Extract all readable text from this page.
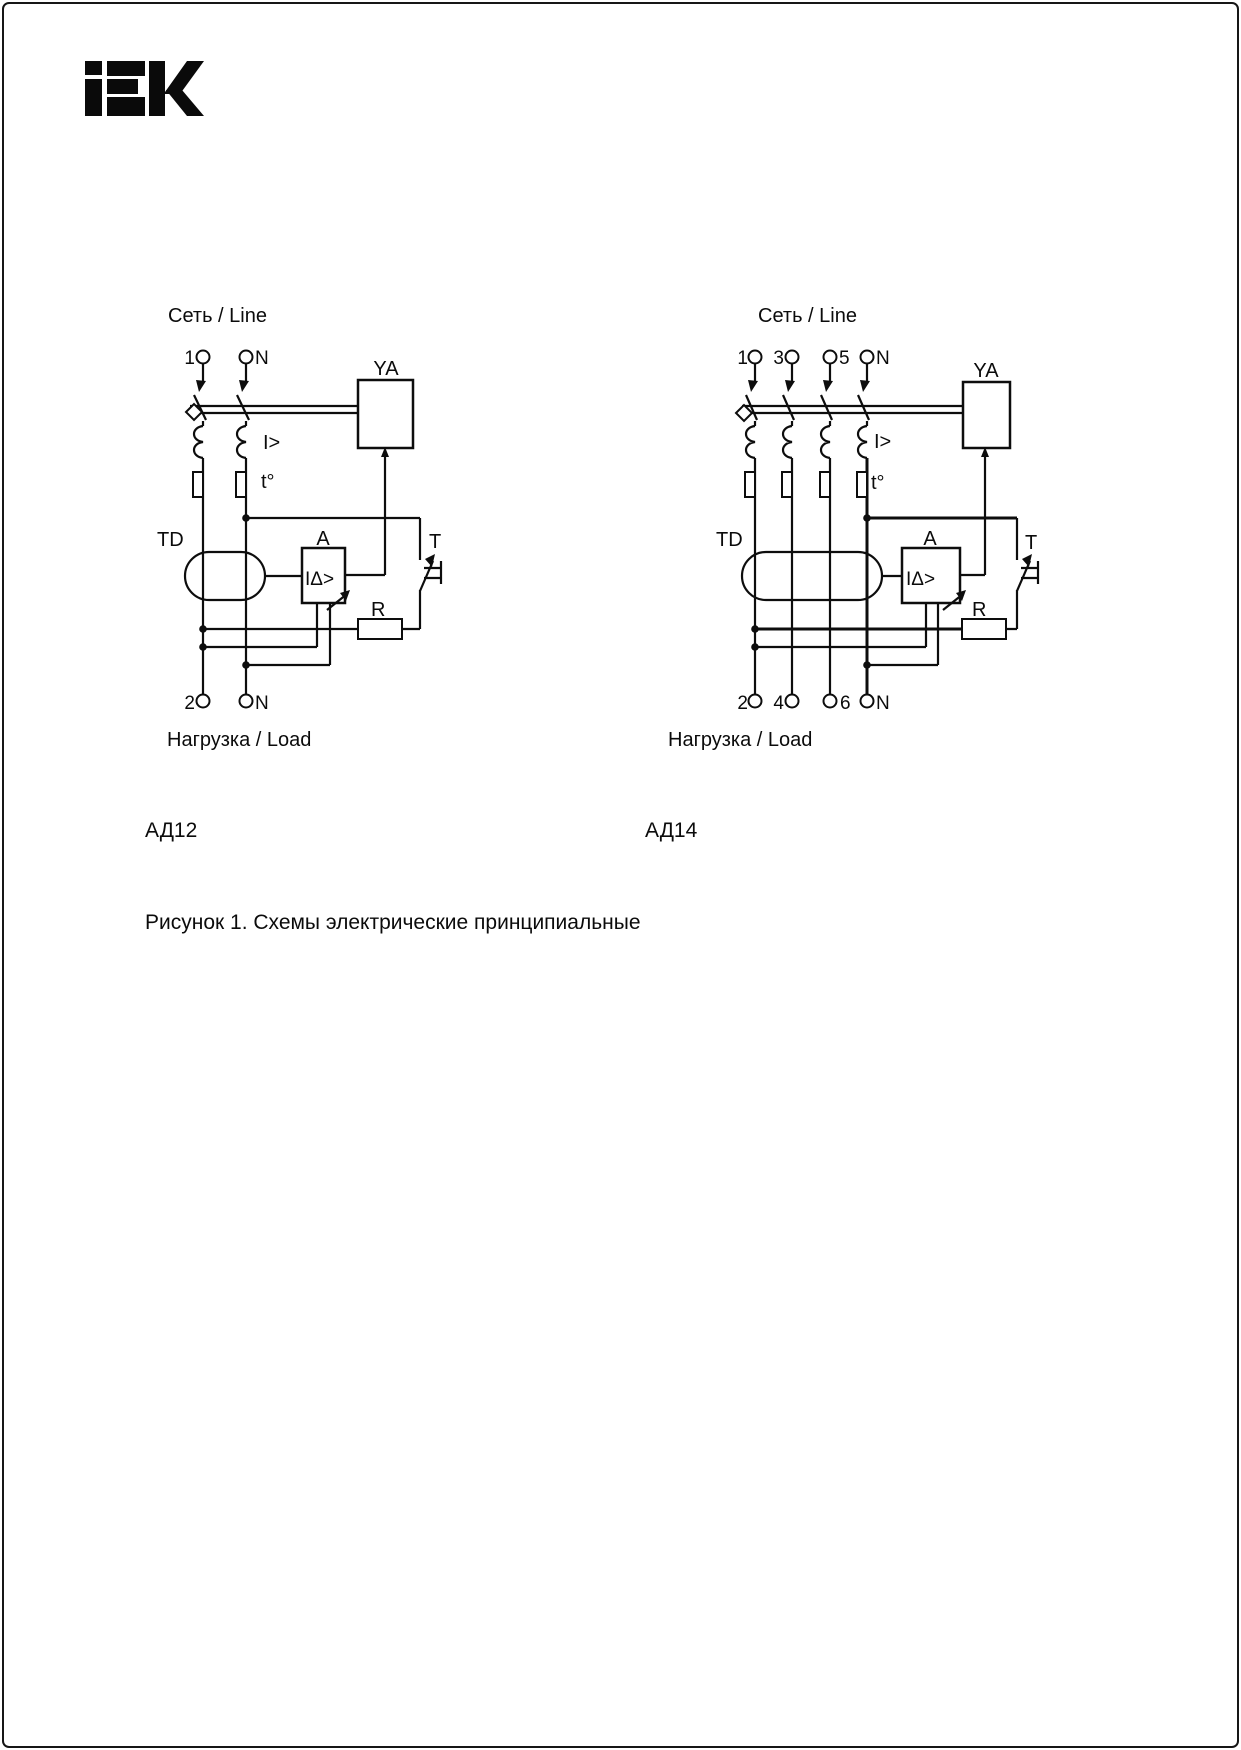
Сеть / Line
1	N	YA
I>
t°
TD	A
IΔ>
T
R
2	N
Нагрузка / Load
Сеть / Line
1 3	5 N
YA
I>
t°
TD	A
IΔ>
T
R
2 4	6 N
Нагрузка / Load
АД12	АД14
Рисунок 1. Схемы электрические принципиальные
